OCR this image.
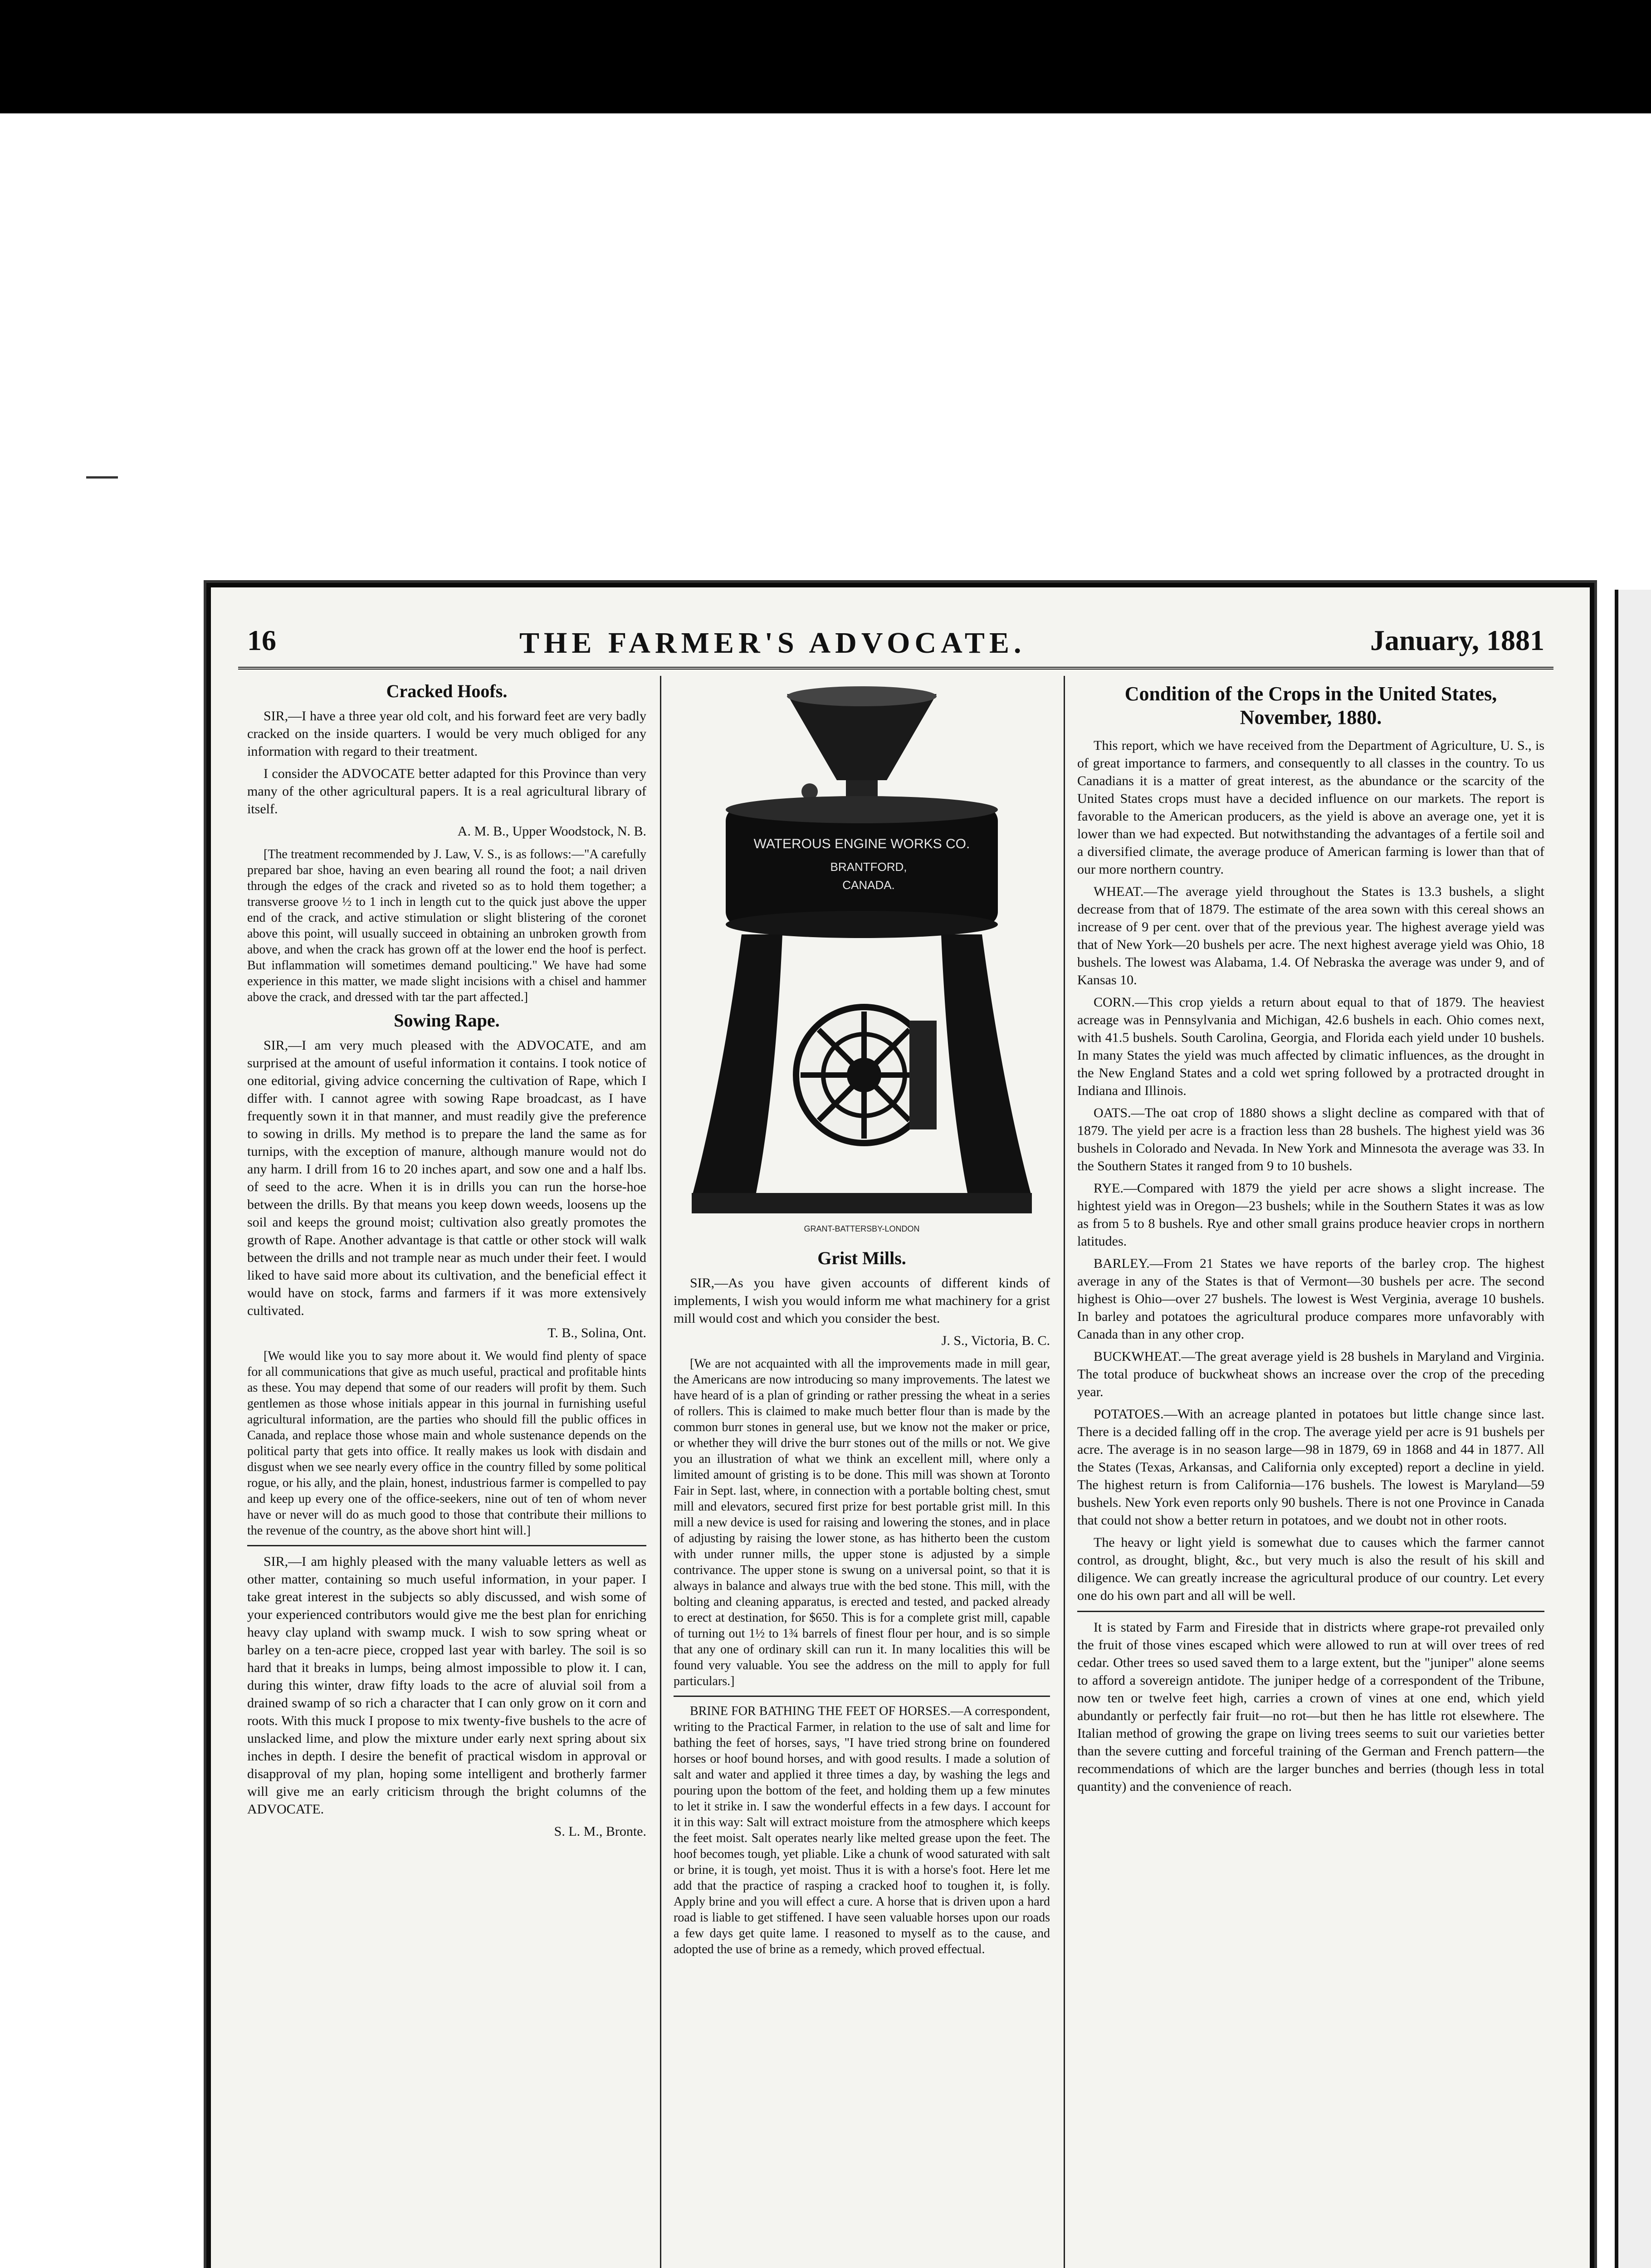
16	THE FARMER'S ADVOCATE.	January, 1881
Cracked Hoofs.

SIR,—I have a three year old colt, and his forward feet are very badly cracked on the inside quarters. I would be very much obliged for any information with regard to their treatment.

I consider the ADVOCATE better adapted for this Province than very many of the other agricultural papers. It is a real agricultural library of itself.

A. M. B., Upper Woodstock, N. B.

[The treatment recommended by J. Law, V. S., is as follows:—"A carefully prepared bar shoe, having an even bearing all round the foot; a nail driven through the edges of the crack and riveted so as to hold them together; a transverse groove ½ to 1 inch in length cut to the quick just above the upper end of the crack, and active stimulation or slight blistering of the coronet above this point, will usually succeed in obtaining an unbroken growth from above, and when the crack has grown off at the lower end the hoof is perfect. But inflammation will sometimes demand poulticing." We have had some experience in this matter, we made slight incisions with a chisel and hammer above the crack, and dressed with tar the part affected.]

Sowing Rape.

SIR,—I am very much pleased with the ADVOCATE, and am surprised at the amount of useful information it contains. I took notice of one editorial, giving advice concerning the cultivation of Rape, which I differ with. I cannot agree with sowing Rape broadcast, as I have frequently sown it in that manner, and must readily give the preference to sowing in drills. My method is to prepare the land the same as for turnips, with the exception of manure, although manure would not do any harm. I drill from 16 to 20 inches apart, and sow one and a half lbs. of seed to the acre. When it is in drills you can run the horse-hoe between the drills. By that means you keep down weeds, loosens up the soil and keeps the ground moist; cultivation also greatly promotes the growth of Rape. Another advantage is that cattle or other stock will walk between the drills and not trample near as much under their feet. I would liked to have said more about its cultivation, and the beneficial effect it would have on stock, farms and farmers if it was more extensively cultivated.

T. B., Solina, Ont.

[We would like you to say more about it. We would find plenty of space for all communications that give as much useful, practical and profitable hints as these. You may depend that some of our readers will profit by them. Such gentlemen as those whose initials appear in this journal in furnishing useful agricultural information, are the parties who should fill the public offices in Canada, and replace those whose main and whole sustenance depends on the political party that gets into office. It really makes us look with disdain and disgust when we see nearly every office in the country filled by some political rogue, or his ally, and the plain, honest, industrious farmer is compelled to pay and keep up every one of the office-seekers, nine out of ten of whom never have or never will do as much good to those that contribute their millions to the revenue of the country, as the above short hint will.]

SIR,—I am highly pleased with the many valuable letters as well as other matter, containing so much useful information, in your paper. I take great interest in the subjects so ably discussed, and wish some of your experienced contributors would give me the best plan for enriching heavy clay upland with swamp muck. I wish to sow spring wheat or barley on a ten-acre piece, cropped last year with barley. The soil is so hard that it breaks in lumps, being almost impossible to plow it. I can, during this winter, draw fifty loads to the acre of aluvial soil from a drained swamp of so rich a character that I can only grow on it corn and roots. With this muck I propose to mix twenty-five bushels to the acre of unslacked lime, and plow the mixture under early next spring about six inches in depth. I desire the benefit of practical wisdom in approval or disapproval of my plan, hoping some intelligent and brotherly farmer will give me an early criticism through the bright columns of the ADVOCATE.

S. L. M., Bronte.
WATEROUS ENGINE WORKS CO.
BRANTFORD,
CANADA.
GRANT-BATTERSBY-LONDON
Grist Mills.

SIR,—As you have given accounts of different kinds of implements, I wish you would inform me what machinery for a grist mill would cost and which you consider the best.

J. S., Victoria, B. C.

[We are not acquainted with all the improvements made in mill gear, the Americans are now introducing so many improvements. The latest we have heard of is a plan of grinding or rather pressing the wheat in a series of rollers. This is claimed to make much better flour than is made by the common burr stones in general use, but we know not the maker or price, or whether they will drive the burr stones out of the mills or not. We give you an illustration of what we think an excellent mill, where only a limited amount of gristing is to be done. This mill was shown at Toronto Fair in Sept. last, where, in connection with a portable bolting chest, smut mill and elevators, secured first prize for best portable grist mill. In this mill a new device is used for raising and lowering the stones, and in place of adjusting by raising the lower stone, as has hitherto been the custom with under runner mills, the upper stone is adjusted by a simple contrivance. The upper stone is swung on a universal point, so that it is always in balance and always true with the bed stone. This mill, with the bolting and cleaning apparatus, is erected and tested, and packed already to erect at destination, for $650. This is for a complete grist mill, capable of turning out 1½ to 1¾ barrels of finest flour per hour, and is so simple that any one of ordinary skill can run it. In many localities this will be found very valuable. You see the address on the mill to apply for full particulars.]

BRINE FOR BATHING THE FEET OF HORSES.—A correspondent, writing to the Practical Farmer, in relation to the use of salt and lime for bathing the feet of horses, says, "I have tried strong brine on foundered horses or hoof bound horses, and with good results. I made a solution of salt and water and applied it three times a day, by washing the legs and pouring upon the bottom of the feet, and holding them up a few minutes to let it strike in. I saw the wonderful effects in a few days. I account for it in this way: Salt will extract moisture from the atmosphere which keeps the feet moist. Salt operates nearly like melted grease upon the feet. The hoof becomes tough, yet pliable. Like a chunk of wood saturated with salt or brine, it is tough, yet moist. Thus it is with a horse's foot. Here let me add that the practice of rasping a cracked hoof to toughen it, is folly. Apply brine and you will effect a cure. A horse that is driven upon a hard road is liable to get stiffened. I have seen valuable horses upon our roads a few days get quite lame. I reasoned to myself as to the cause, and adopted the use of brine as a remedy, which proved effectual.

Condition of the Crops in the United States, November, 1880.

This report, which we have received from the Department of Agriculture, U. S., is of great importance to farmers, and consequently to all classes in the country. To us Canadians it is a matter of great interest, as the abundance or the scarcity of the United States crops must have a decided influence on our markets. The report is favorable to the American producers, as the yield is above an average one, yet it is lower than we had expected. But notwithstanding the advantages of a fertile soil and a diversified climate, the average produce of American farming is lower than that of our more northern country.

WHEAT.—The average yield throughout the States is 13.3 bushels, a slight decrease from that of 1879. The estimate of the area sown with this cereal shows an increase of 9 per cent. over that of the previous year. The highest average yield was that of New York—20 bushels per acre. The next highest average yield was Ohio, 18 bushels. The lowest was Alabama, 1.4. Of Nebraska the average was under 9, and of Kansas 10.

CORN.—This crop yields a return about equal to that of 1879. The heaviest acreage was in Pennsylvania and Michigan, 42.6 bushels in each. Ohio comes next, with 41.5 bushels. South Carolina, Georgia, and Florida each yield under 10 bushels. In many States the yield was much affected by climatic influences, as the drought in the New England States and a cold wet spring followed by a protracted drought in Indiana and Illinois.

OATS.—The oat crop of 1880 shows a slight decline as compared with that of 1879. The yield per acre is a fraction less than 28 bushels. The highest yield was 36 bushels in Colorado and Nevada. In New York and Minnesota the average was 33. In the Southern States it ranged from 9 to 10 bushels.

RYE.—Compared with 1879 the yield per acre shows a slight increase. The hightest yield was in Oregon—23 bushels; while in the Southern States it was as low as from 5 to 8 bushels. Rye and other small grains produce heavier crops in northern latitudes.

BARLEY.—From 21 States we have reports of the barley crop. The highest average in any of the States is that of Vermont—30 bushels per acre. The second highest is Ohio—over 27 bushels. The lowest is West Verginia, average 10 bushels. In barley and potatoes the agricultural produce compares more unfavorably with Canada than in any other crop.

BUCKWHEAT.—The great average yield is 28 bushels in Maryland and Virginia. The total produce of buckwheat shows an increase over the crop of the preceding year.

POTATOES.—With an acreage planted in potatoes but little change since last. There is a decided falling off in the crop. The average yield per acre is 91 bushels per acre. The average is in no season large—98 in 1879, 69 in 1868 and 44 in 1877. All the States (Texas, Arkansas, and California only excepted) report a decline in yield. The highest return is from California—176 bushels. The lowest is Maryland—59 bushels. New York even reports only 90 bushels. There is not one Province in Canada that could not show a better return in potatoes, and we doubt not in other roots.

The heavy or light yield is somewhat due to causes which the farmer cannot control, as drought, blight, &c., but very much is also the result of his skill and diligence. We can greatly increase the agricultural produce of our country. Let every one do his own part and all will be well.

It is stated by Farm and Fireside that in districts where grape-rot prevailed only the fruit of those vines escaped which were allowed to run at will over trees of red cedar. Other trees so used saved them to a large extent, but the "juniper" alone seems to afford a sovereign antidote. The juniper hedge of a correspondent of the Tribune, now ten or twelve feet high, carries a crown of vines at one end, which yield abundantly or perfectly fair fruit—no rot—but then he has little rot elsewhere. The Italian method of growing the grape on living trees seems to suit our varieties better than the severe cutting and forceful training of the German and French pattern—the recommendations of which are the larger bunches and berries (though less in total quantity) and the convenience of reach.
